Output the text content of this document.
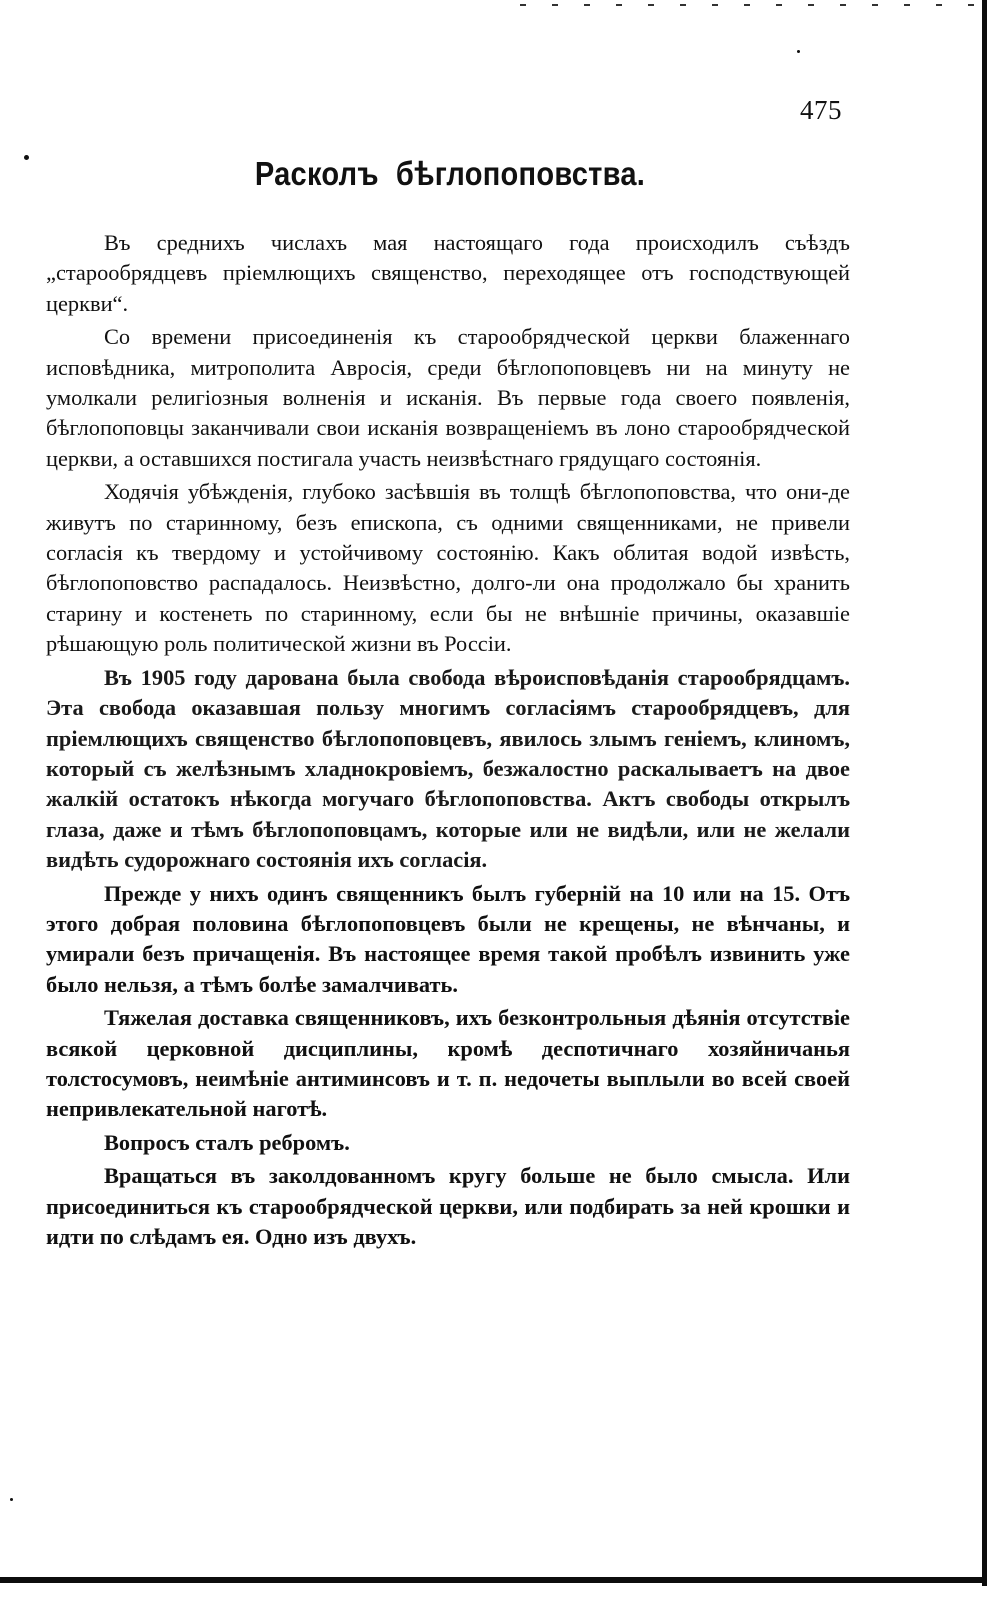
475
Расколъ бѣглопоповства.

Въ среднихъ числахъ мая настоящаго года происходилъ съѣздъ „старообрядцевъ пріемлющихъ священство, переходящее отъ господствующей церкви“.

Со времени присоединенія къ старообрядческой церкви блаженнаго исповѣдника, митрополита Авросія, среди бѣглопоповцевъ ни на минуту не умолкали религіозныя волненія и исканія. Въ первые года своего появленія, бѣглопоповцы заканчивали свои исканія возвращеніемъ въ лоно старообрядческой церкви, а оставшихся постигала участь неизвѣстнаго грядущаго состоянія.

Ходячія убѣжденія, глубоко засѣвшія въ толщѣ бѣглопоповства, что они-де живутъ по старинному, безъ епископа, съ одними священниками, не привели согласія къ твердому и устойчивому состоянію. Какъ облитая водой извѣсть, бѣглопоповство распадалось. Неизвѣстно, долго-ли она продолжало бы хранить старину и костенеть по старинному, если бы не внѣшніе причины, оказавшіе рѣшающую роль политической жизни въ Россіи.

Въ 1905 году дарована была свобода вѣроисповѣданія старообрядцамъ. Эта свобода оказавшая пользу многимъ согласіямъ старообрядцевъ, для пріемлющихъ священство бѣглопоповцевъ, явилось злымъ геніемъ, клиномъ, который съ желѣзнымъ хладнокровіемъ, безжалостно раскалываетъ на двое жалкій остатокъ нѣкогда могучаго бѣглопоповства. Актъ свободы открылъ глаза, даже и тѣмъ бѣглопоповцамъ, которые или не видѣли, или не желали видѣть судорожнаго состоянія ихъ согласія.

Прежде у нихъ одинъ священникъ былъ губерній на 10 или на 15. Отъ этого добрая половина бѣглопоповцевъ были не крещены, не вѣнчаны, и умирали безъ причащенія. Въ настоящее время такой пробѣлъ извинить уже было нельзя, а тѣмъ болѣе замалчивать.

Тяжелая доставка священниковъ, ихъ безконтрольныя дѣянія отсутствіе всякой церковной дисциплины, кромѣ деспотичнаго хозяйничанья толстосумовъ, неимѣніе антиминсовъ и т. п. недочеты выплыли во всей своей непривлекательной наготѣ.

Вопросъ сталъ ребромъ.

Вращаться въ заколдованномъ кругу больше не было смысла. Или присоединиться къ старообрядческой церкви, или подбирать за ней крошки и идти по слѣдамъ ея. Одно изъ двухъ.
